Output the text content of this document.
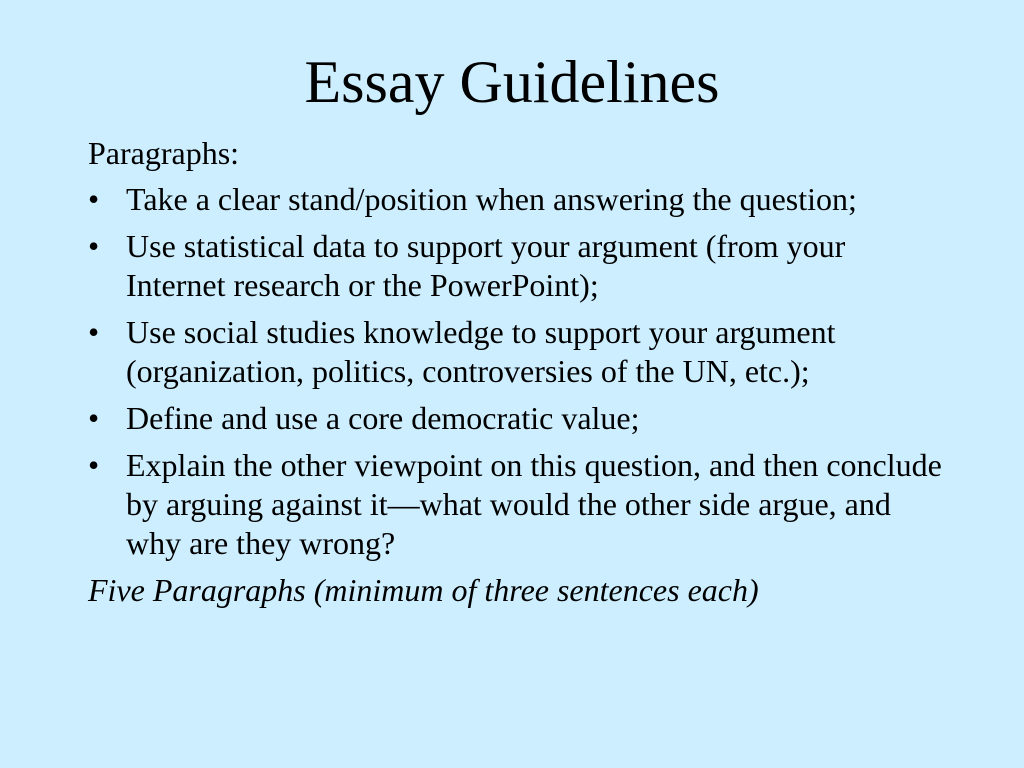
Essay Guidelines

Paragraphs:

• Take a clear stand/position when answering the question;
• Use statistical data to support your argument (from your Internet research or the PowerPoint);
• Use social studies knowledge to support your argument (organization, politics, controversies of the UN, etc.);
• Define and use a core democratic value;
• Explain the other viewpoint on this question, and then conclude by arguing against it—what would the other side argue, and why are they wrong?

Five Paragraphs (minimum of three sentences each)
